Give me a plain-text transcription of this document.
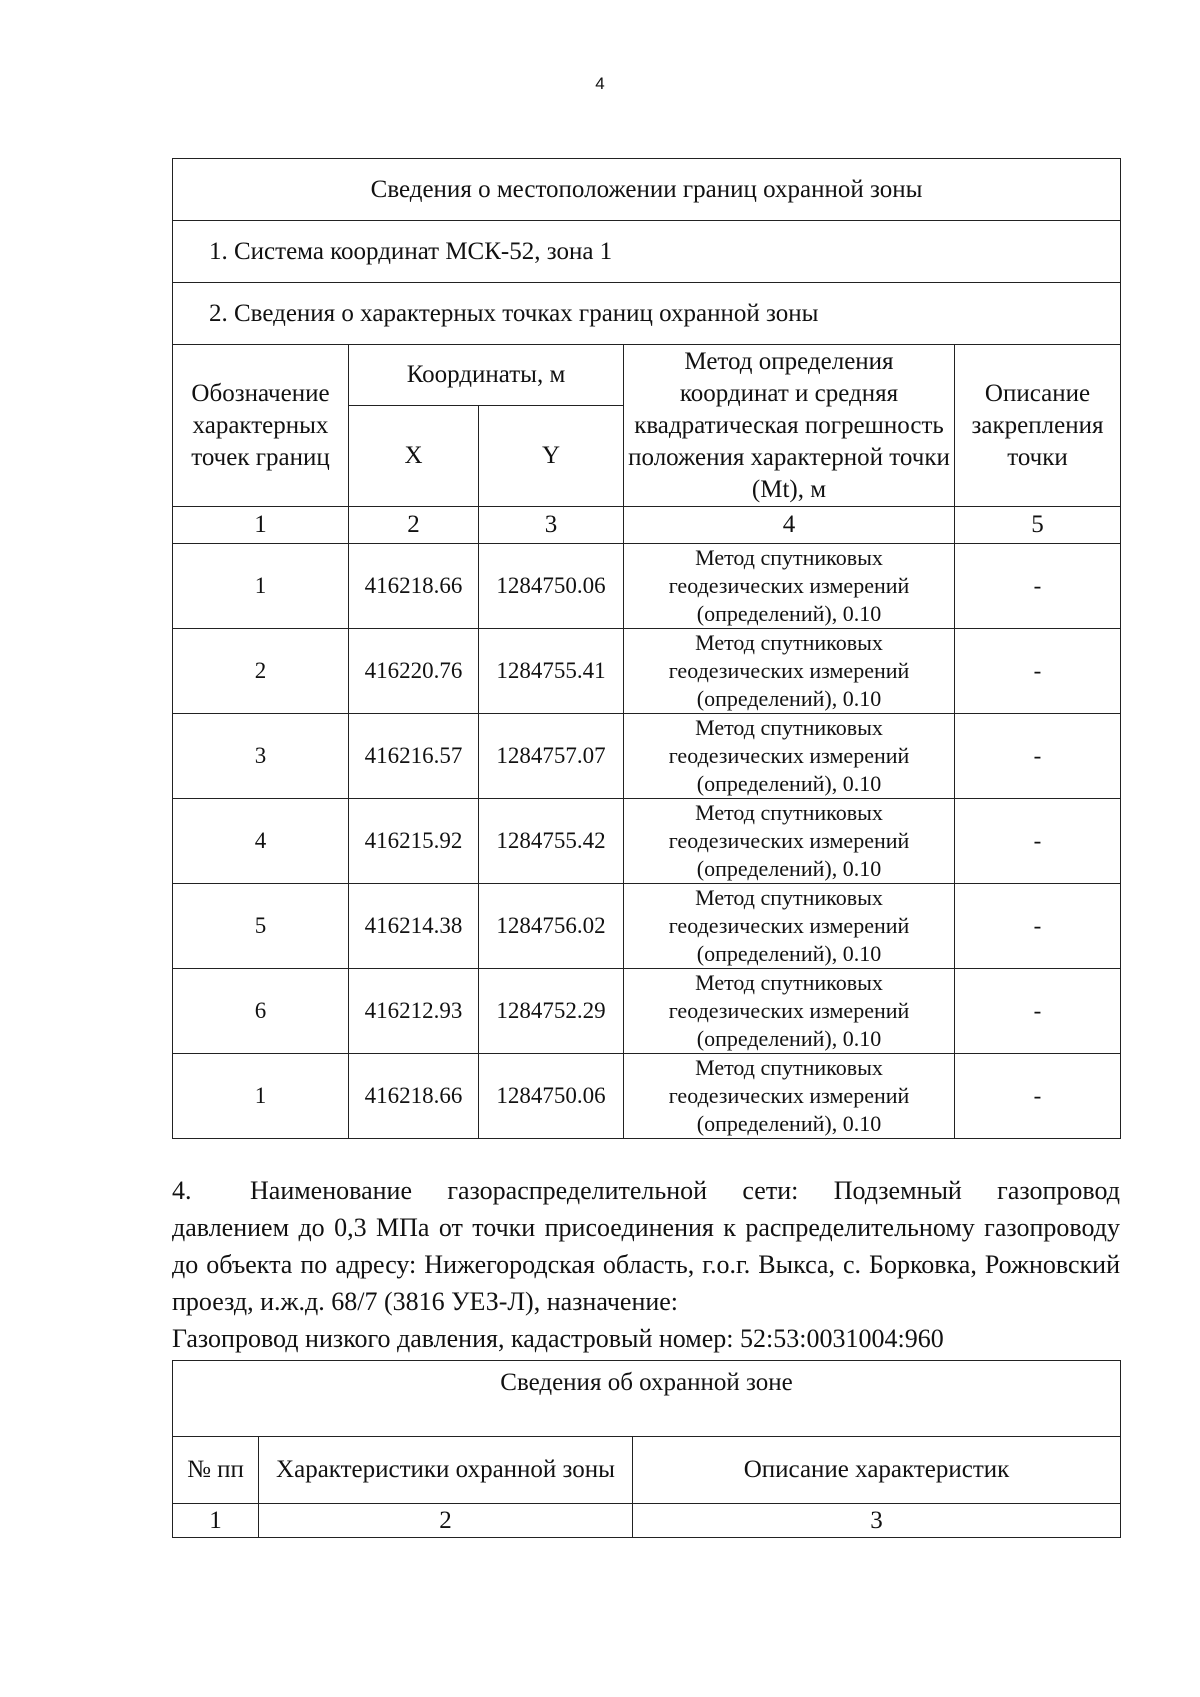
4
Сведения о местоположении границ охранной зоны				
1. Система координат МСК-52, зона 1				
2. Сведения о характерных точках границ охранной зоны				
Обозначение характерных точек границ	Координаты, м		Метод определения координат и средняя квадратическая погрешность положения характерной точки (Mt), м	Описание закрепления точки
	X	Y		
1	2	3	4	5
1	416218.66	1284750.06	Метод спутниковых геодезических измерений (определений), 0.10	-
2	416220.76	1284755.41	Метод спутниковых геодезических измерений (определений), 0.10	-
3	416216.57	1284757.07	Метод спутниковых геодезических измерений (определений), 0.10	-
4	416215.92	1284755.42	Метод спутниковых геодезических измерений (определений), 0.10	-
5	416214.38	1284756.02	Метод спутниковых геодезических измерений (определений), 0.10	-
6	416212.93	1284752.29	Метод спутниковых геодезических измерений (определений), 0.10	-
1	416218.66	1284750.06	Метод спутниковых геодезических измерений (определений), 0.10	-
4. Наименование газораспределительной сети: Подземный газопровод давлением до 0,3 МПа от точки присоединения к распределительному газопроводу до объекта по адресу: Нижегородская область, г.о.г. Выкса, с. Борковка, Рожновский проезд, и.ж.д. 68/7 (3816 УЕЗ-Л), назначение:
Газопровод низкого давления, кадастровый номер: 52:53:0031004:960
Сведения об охранной зоне		
№ пп	Характеристики охранной зоны	Описание характеристик
1	2	3
